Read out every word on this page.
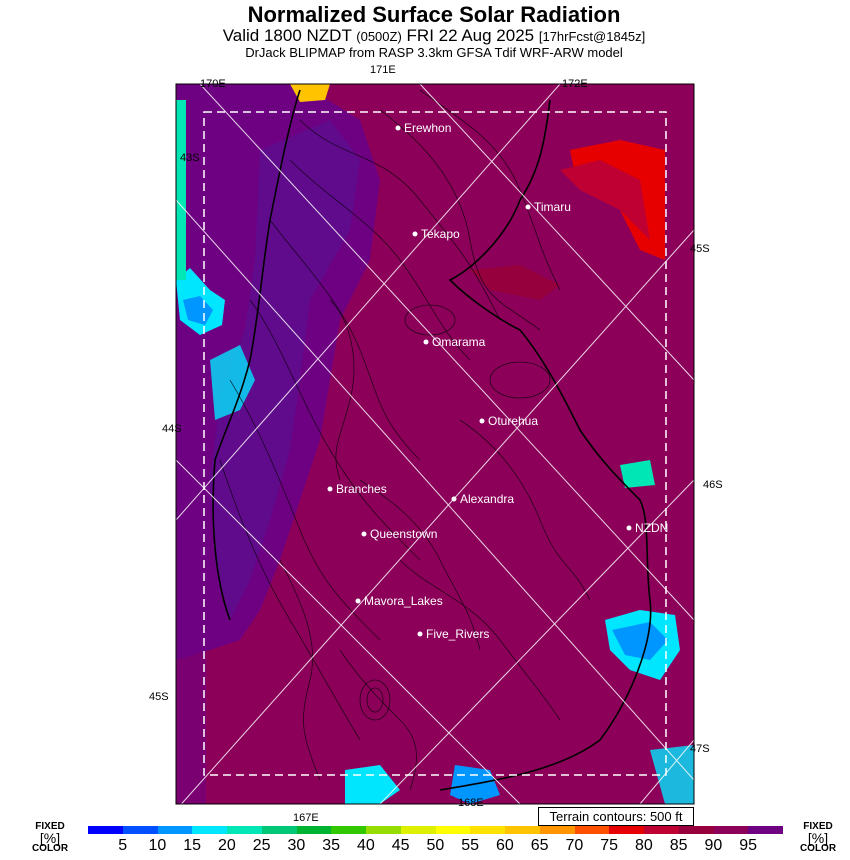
Normalized Surface Solar Radiation
Valid 1800 NZDT (0500Z) FRI 22 Aug 2025 [17hrFcst@1845z]
DrJack BLIPMAP from RASP 3.3km GFSA Tdif WRF-ARW model
Erewhon
Timaru
Tekapo
Omarama
Oturehua
Branches
Alexandra
NZDN
Queenstown
Mavora_Lakes
Five_Rivers
170E
171E
172E
168E
167E
43S
44S
45S
45S
46S
47S
Terrain contours: 500 ft
FIXED
[%]
COLOR
FIXED
[%]
COLOR
5 10 15 20 25 30 35 40 45 50 55 60 65 70 75 80 85 90 95
